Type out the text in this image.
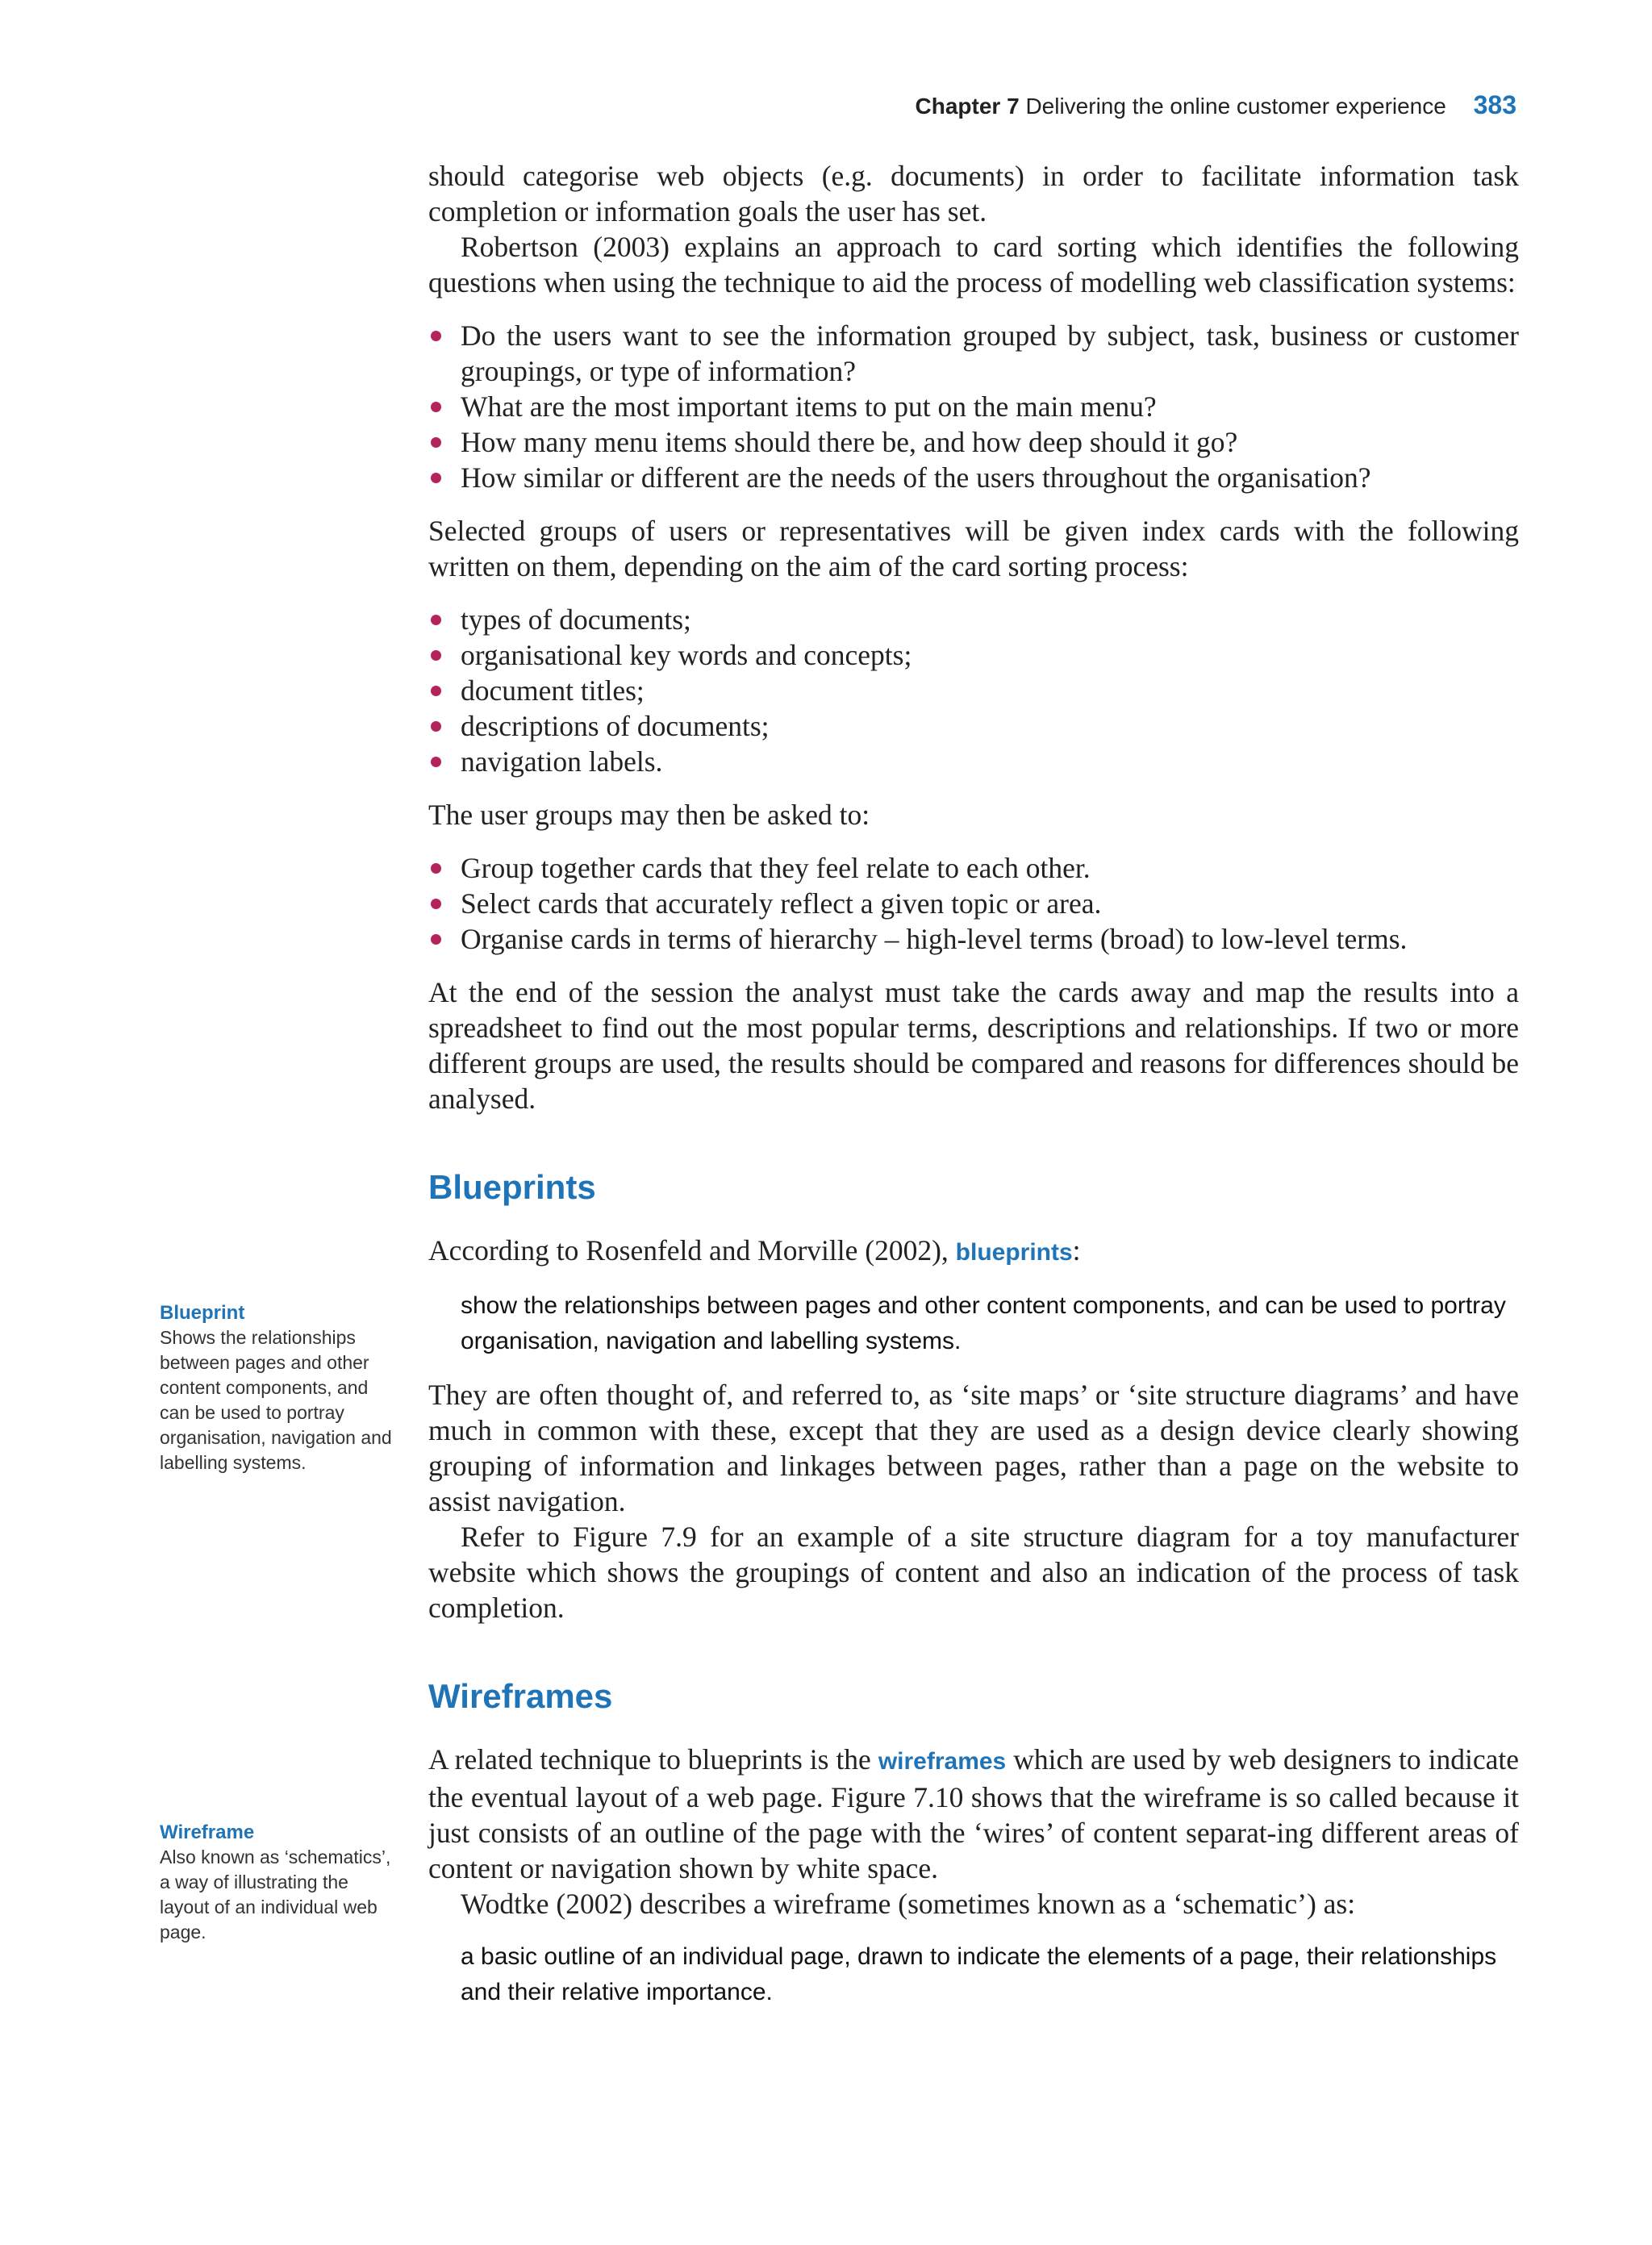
Chapter 7 Delivering the online customer experience 383
Blueprint
Shows the relationships between pages and other content components, and can be used to portray organisation, navigation and labelling systems.
Wireframe
Also known as ‘schematics’, a way of illustrating the layout of an individual web page.

should categorise web objects (e.g. documents) in order to facilitate information task completion or information goals the user has set.

Robertson (2003) explains an approach to card sorting which identifies the following questions when using the technique to aid the process of modelling web classification systems:

Do the users want to see the information grouped by subject, task, business or customer groupings, or type of information?
What are the most important items to put on the main menu?
How many menu items should there be, and how deep should it go?
How similar or different are the needs of the users throughout the organisation?

Selected groups of users or representatives will be given index cards with the following written on them, depending on the aim of the card sorting process:

types of documents;
organisational key words and concepts;
document titles;
descriptions of documents;
navigation labels.

The user groups may then be asked to:

Group together cards that they feel relate to each other.
Select cards that accurately reflect a given topic or area.
Organise cards in terms of hierarchy – high-level terms (broad) to low-level terms.

At the end of the session the analyst must take the cards away and map the results into a spreadsheet to find out the most popular terms, descriptions and relationships. If two or more different groups are used, the results should be compared and reasons for differences should be analysed.

Blueprints

According to Rosenfeld and Morville (2002), blueprints:

show the relationships between pages and other content components, and can be used to portray organisation, navigation and labelling systems.

They are often thought of, and referred to, as ‘site maps’ or ‘site structure diagrams’ and have much in common with these, except that they are used as a design device clearly showing grouping of information and linkages between pages, rather than a page on the website to assist navigation.

Refer to Figure 7.9 for an example of a site structure diagram for a toy manufacturer website which shows the groupings of content and also an indication of the process of task completion.

Wireframes

A related technique to blueprints is the wireframes which are used by web designers to indicate the eventual layout of a web page. Figure 7.10 shows that the wireframe is so called because it just consists of an outline of the page with the ‘wires’ of content separat-ing different areas of content or navigation shown by white space.

Wodtke (2002) describes a wireframe (sometimes known as a ‘schematic’) as:

a basic outline of an individual page, drawn to indicate the elements of a page, their relationships and their relative importance.
